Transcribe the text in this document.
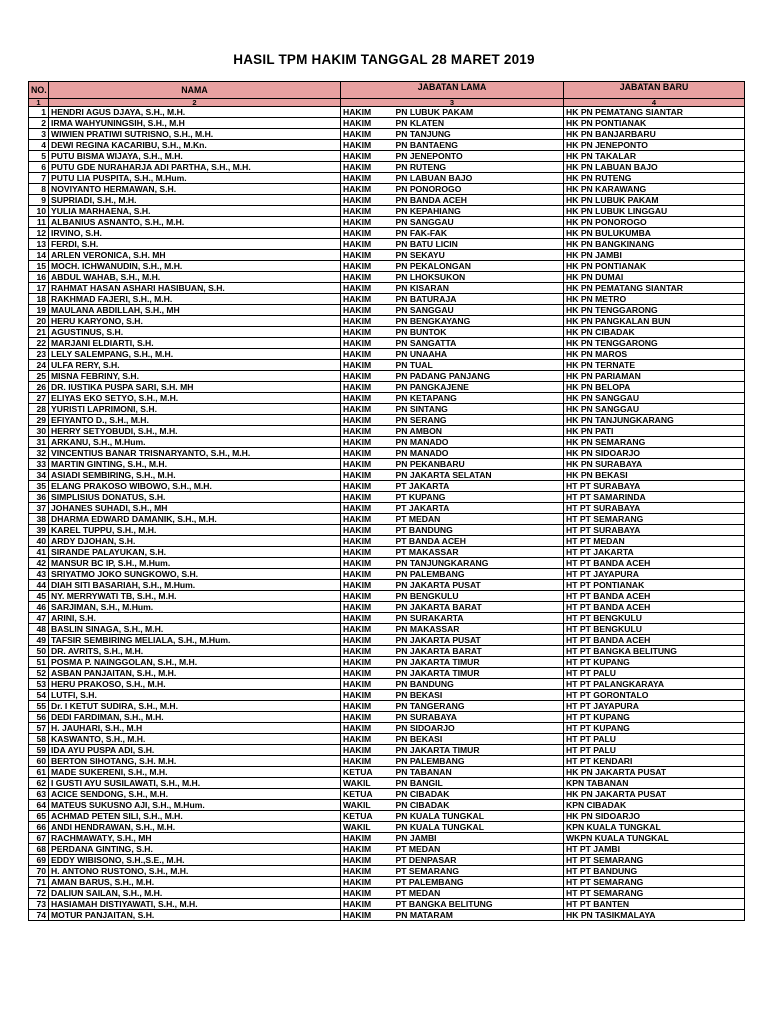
HASIL TPM HAKIM TANGGAL 28 MARET 2019
NO.	NAMA	JABATAN LAMA		JABATAN BARU
1	2	3		4
1	HENDRI AGUS DJAYA, S.H., M.H.	HAKIM	PN LUBUK PAKAM	HK PN PEMATANG SIANTAR
2	IRMA WAHYUNINGSIH, S.H., M.H	HAKIM	PN KLATEN	HK PN PONTIANAK
3	WIWIEN PRATIWI SUTRISNO, S.H., M.H.	HAKIM	PN TANJUNG	HK PN BANJARBARU
4	DEWI REGINA KACARIBU, S.H., M.Kn.	HAKIM	PN BANTAENG	HK PN JENEPONTO
5	PUTU BISMA WIJAYA, S.H., M.H.	HAKIM	PN JENEPONTO	HK PN TAKALAR
6	PUTU GDE NURAHARJA ADI PARTHA, S.H., M.H.	HAKIM	PN RUTENG	HK PN LABUAN BAJO
7	PUTU LIA PUSPITA, S.H., M.Hum.	HAKIM	PN LABUAN BAJO	HK PN RUTENG
8	NOVIYANTO HERMAWAN, S.H.	HAKIM	PN PONOROGO	HK PN KARAWANG
9	SUPRIADI, S.H., M.H.	HAKIM	PN BANDA ACEH	HK PN LUBUK PAKAM
10	YULIA MARHAENA, S.H.	HAKIM	PN KEPAHIANG	HK PN LUBUK LINGGAU
11	ALBANIUS ASNANTO, S.H., M.H.	HAKIM	PN SANGGAU	HK PN PONOROGO
12	IRVINO, S.H.	HAKIM	PN FAK-FAK	HK PN BULUKUMBA
13	FERDI, S.H.	HAKIM	PN BATU LICIN	HK PN BANGKINANG
14	ARLEN VERONICA, S.H. MH	HAKIM	PN SEKAYU	HK PN JAMBI
15	MOCH. ICHWANUDIN, S.H., M.H.	HAKIM	PN PEKALONGAN	HK PN PONTIANAK
16	ABDUL WAHAB, S.H., M.H.	HAKIM	PN LHOKSUKON	HK PN DUMAI
17	RAHMAT HASAN ASHARI HASIBUAN, S.H.	HAKIM	PN KISARAN	HK PN PEMATANG SIANTAR
18	RAKHMAD FAJERI, S.H., M.H.	HAKIM	PN BATURAJA	HK PN METRO
19	MAULANA ABDILLAH, S.H., MH	HAKIM	PN SANGGAU	HK PN TENGGARONG
20	HERU KARYONO, S.H.	HAKIM	PN BENGKAYANG	HK PN PANGKALAN BUN
21	AGUSTINUS, S.H.	HAKIM	PN BUNTOK	HK PN CIBADAK
22	MARJANI ELDIARTI, S.H.	HAKIM	PN SANGATTA	HK PN TENGGARONG
23	LELY SALEMPANG, S.H., M.H.	HAKIM	PN UNAAHA	HK PN MAROS
24	ULFA RERY, S.H.	HAKIM	PN TUAL	HK PN TERNATE
25	MISNA FEBRINY, S.H.	HAKIM	PN PADANG PANJANG	HK PN PARIAMAN
26	DR. IUSTIKA PUSPA SARI, S.H. MH	HAKIM	PN PANGKAJENE	HK PN BELOPA
27	ELIYAS EKO SETYO, S.H., M.H.	HAKIM	PN KETAPANG	HK PN SANGGAU
28	YURISTI LAPRIMONI, S.H.	HAKIM	PN SINTANG	HK PN SANGGAU
29	EFIYANTO D., S.H., M.H.	HAKIM	PN SERANG	HK PN TANJUNGKARANG
30	HERRY SETYOBUDI, S.H., M.H.	HAKIM	PN AMBON	HK PN PATI
31	ARKANU, S.H., M.Hum.	HAKIM	PN MANADO	HK PN SEMARANG
32	VINCENTIUS BANAR TRISNARYANTO, S.H., M.H.	HAKIM	PN MANADO	HK PN SIDOARJO
33	MARTIN GINTING, S.H., M.H.	HAKIM	PN PEKANBARU	HK PN SURABAYA
34	ASIADI SEMBIRING, S.H., M.H.	HAKIM	PN JAKARTA SELATAN	HK PN BEKASI
35	ELANG PRAKOSO WIBOWO, S.H., M.H.	HAKIM	PT JAKARTA	HT PT SURABAYA
36	SIMPLISIUS DONATUS, S.H.	HAKIM	PT KUPANG	HT PT SAMARINDA
37	JOHANES SUHADI, S.H., MH	HAKIM	PT JAKARTA	HT PT SURABAYA
38	DHARMA EDWARD DAMANIK, S.H., M.H.	HAKIM	PT MEDAN	HT PT SEMARANG
39	KAREL TUPPU, S.H., M.H.	HAKIM	PT BANDUNG	HT PT SURABAYA
40	ARDY DJOHAN, S.H.	HAKIM	PT BANDA ACEH	HT PT MEDAN
41	SIRANDE PALAYUKAN, S.H.	HAKIM	PT MAKASSAR	HT PT JAKARTA
42	MANSUR BC IP, S.H., M.Hum.	HAKIM	PN TANJUNGKARANG	HT PT BANDA ACEH
43	SRIYATMO JOKO SUNGKOWO, S.H.	HAKIM	PN PALEMBANG	HT PT JAYAPURA
44	DIAH SITI BASARIAH, S.H., M.Hum.	HAKIM	PN JAKARTA PUSAT	HT PT PONTIANAK
45	NY. MERRYWATI TB, S.H., M.H.	HAKIM	PN BENGKULU	HT PT BANDA ACEH
46	SARJIMAN, S.H., M.Hum.	HAKIM	PN JAKARTA BARAT	HT PT BANDA ACEH
47	ARINI, S.H.	HAKIM	PN SURAKARTA	HT PT BENGKULU
48	BASLIN SINAGA, S.H., M.H.	HAKIM	PN MAKASSAR	HT PT BENGKULU
49	TAFSIR SEMBIRING MELIALA, S.H., M.Hum.	HAKIM	PN JAKARTA PUSAT	HT PT BANDA ACEH
50	DR. AVRITS, S.H., M.H.	HAKIM	PN JAKARTA BARAT	HT PT BANGKA BELITUNG
51	POSMA P. NAINGGOLAN, S.H., M.H.	HAKIM	PN JAKARTA TIMUR	HT PT KUPANG
52	ASBAN PANJAITAN, S.H., M.H.	HAKIM	PN JAKARTA TIMUR	HT PT PALU
53	HERU PRAKOSO, S.H., M.H.	HAKIM	PN BANDUNG	HT PT PALANGKARAYA
54	LUTFI, S.H.	HAKIM	PN BEKASI	HT PT GORONTALO
55	Dr. I KETUT SUDIRA, S.H., M.H.	HAKIM	PN TANGERANG	HT PT JAYAPURA
56	DEDI FARDIMAN, S.H., M.H.	HAKIM	PN SURABAYA	HT PT KUPANG
57	H. JAUHARI, S.H., M.H	HAKIM	PN SIDOARJO	HT PT KUPANG
58	KASWANTO, S.H., M.H.	HAKIM	PN BEKASI	HT PT PALU
59	IDA AYU PUSPA ADI, S.H.	HAKIM	PN JAKARTA TIMUR	HT PT PALU
60	BERTON SIHOTANG, S.H. M.H.	HAKIM	PN PALEMBANG	HT PT KENDARI
61	MADE SUKERENI, S.H., M.H.	KETUA	PN TABANAN	HK PN JAKARTA PUSAT
62	I GUSTI AYU SUSILAWATI, S.H., M.H.	WAKIL	PN BANGIL	KPN TABANAN
63	ACICE SENDONG, S.H., M.H.	KETUA	PN CIBADAK	HK PN JAKARTA PUSAT
64	MATEUS SUKUSNO AJI, S.H., M.Hum.	WAKIL	PN CIBADAK	KPN CIBADAK
65	ACHMAD PETEN SILI, S.H., M.H.	KETUA	PN KUALA TUNGKAL	HK PN SIDOARJO
66	ANDI HENDRAWAN, S.H., M.H.	WAKIL	PN KUALA TUNGKAL	KPN KUALA TUNGKAL
67	RACHMAWATY, S.H., MH	HAKIM	PN JAMBI	WKPN KUALA TUNGKAL
68	PERDANA GINTING, S.H.	HAKIM	PT MEDAN	HT PT JAMBI
69	EDDY WIBISONO, S.H.,S.E., M.H.	HAKIM	PT DENPASAR	HT PT SEMARANG
70	H. ANTONO RUSTONO, S.H., M.H.	HAKIM	PT SEMARANG	HT PT BANDUNG
71	AMAN BARUS, S.H., M.H.	HAKIM	PT PALEMBANG	HT PT SEMARANG
72	DALIUN SAILAN, S.H., M.H.	HAKIM	PT MEDAN	HT PT SEMARANG
73	HASIAMAH DISTIYAWATI, S.H., M.H.	HAKIM	PT BANGKA BELITUNG	HT PT BANTEN
74	MOTUR PANJAITAN, S.H.	HAKIM	PN MATARAM	HK PN TASIKMALAYA
